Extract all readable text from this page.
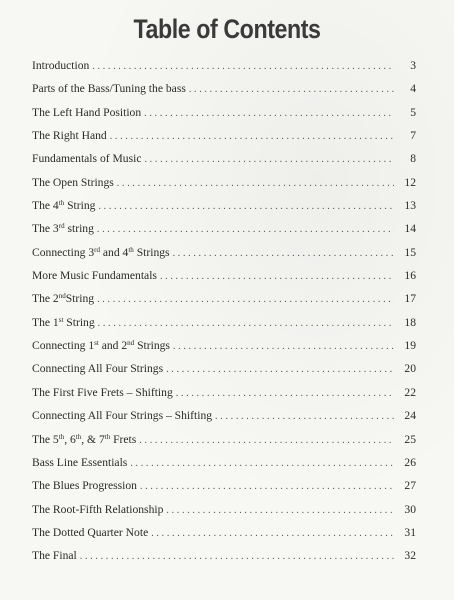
Table of Contents
Introduction . . .	3
Parts of the Bass/Tuning the bass . . .	4
The Left Hand Position . . .	5
The Right Hand . . .	7
Fundamentals of Music . . .	8
The Open Strings . . .	12
The 4th String . . .	13
The 3rd string . . .	14
Connecting 3rd and 4th Strings . . .	15
More Music Fundamentals . . .	16
The 2ndString . . .	17
The 1st String . . .	18
Connecting 1st and 2nd Strings . . .	19
Connecting All Four Strings . . .	20
The First Five Frets – Shifting . . .	22
Connecting All Four Strings – Shifting . . .	24
The 5th, 6th, & 7th Frets . . .	25
Bass Line Essentials . . .	26
The Blues Progression . . .	27
The Root-Fifth Relationship . . .	30
The Dotted Quarter Note . . .	31
The Final . . .	32
